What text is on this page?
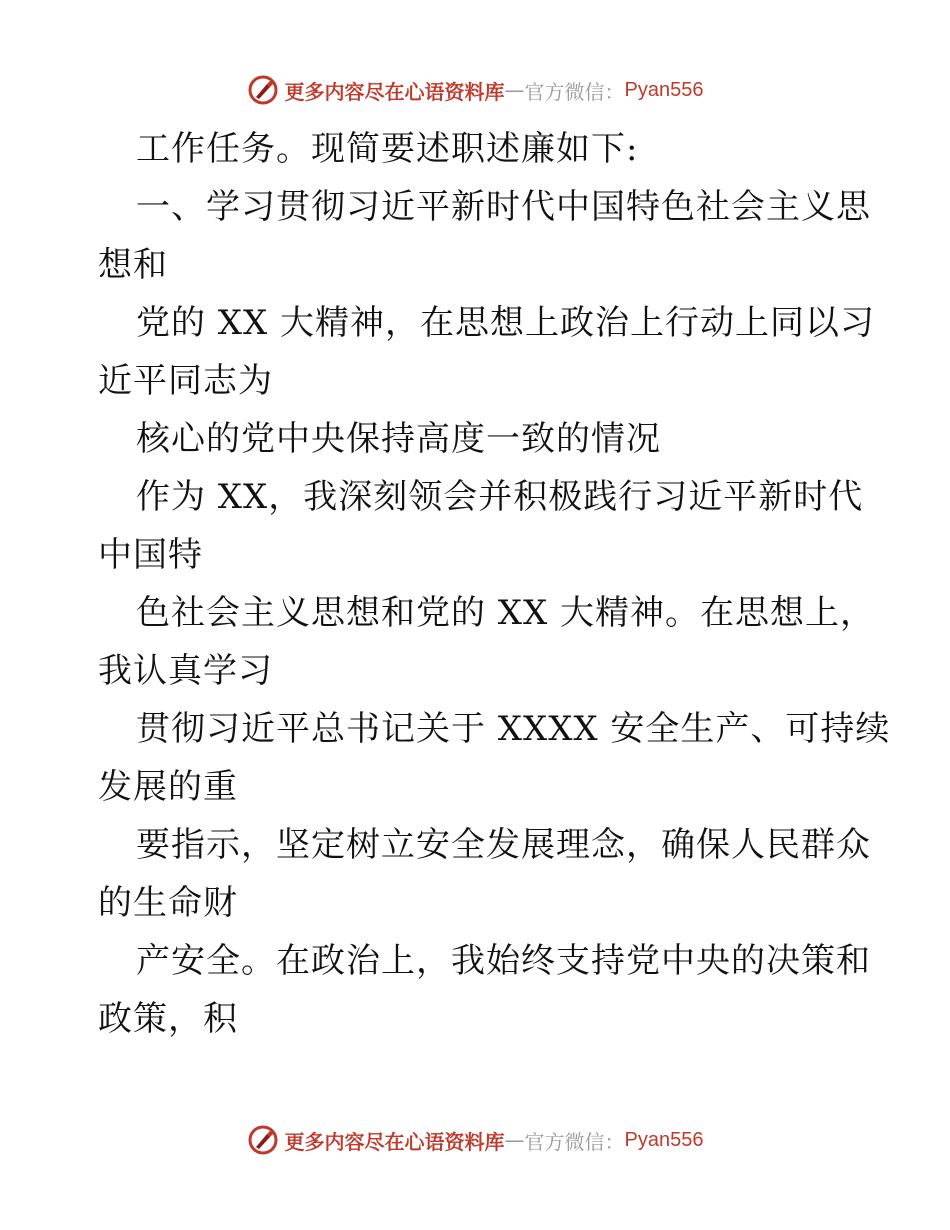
更多内容尽在心语资料库 — 官方微信： Pyan556
工作任务。现简要述职述廉如下:
一、学习贯彻习近平新时代中国特色社会主义思
想和
党的 XX 大精神，在思想上政治上行动上同以习
近平同志为
核心的党中央保持高度一致的情况
作为 XX，我深刻领会并积极践行习近平新时代
中国特
色社会主义思想和党的 XX 大精神。在思想上，
我认真学习
贯彻习近平总书记关于 XXXX 安全生产、可持续
发展的重
要指示，坚定树立安全发展理念，确保人民群众
的生命财
产安全。在政治上，我始终支持党中央的决策和
政策，积
更多内容尽在心语资料库 — 官方微信： Pyan556
